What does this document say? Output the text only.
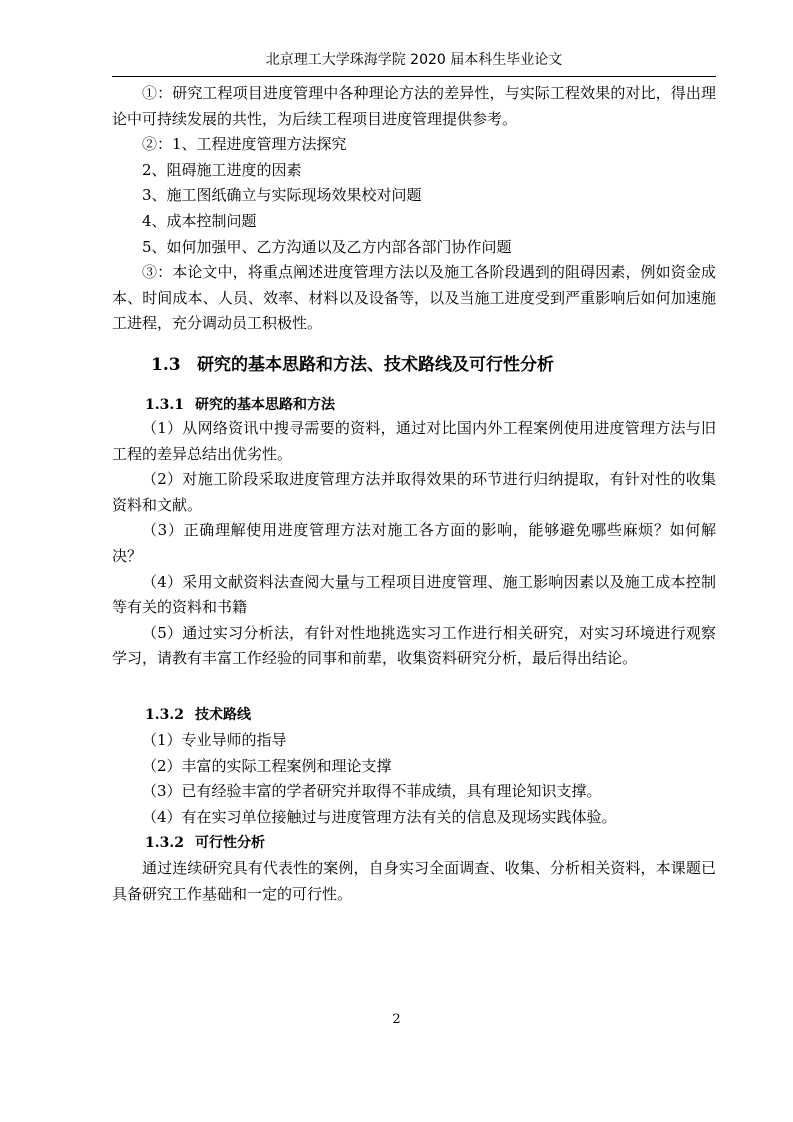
北京理工大学珠海学院 2020 届本科生毕业论文

①：研究工程项目进度管理中各种理论方法的差异性，与实际工程效果的对比，得出理论中可持续发展的共性，为后续工程项目进度管理提供参考。

②：1、工程进度管理方法探究

2、阻碍施工进度的因素

3、施工图纸确立与实际现场效果校对问题

4、成本控制问题

5、如何加强甲、乙方沟通以及乙方内部各部门协作问题

③：本论文中，将重点阐述进度管理方法以及施工各阶段遇到的阻碍因素，例如资金成本、时间成本、人员、效率、材料以及设备等，以及当施工进度受到严重影响后如何加速施工进程，充分调动员工积极性。

1.3 研究的基本思路和方法、技术路线及可行性分析
1.3.1 研究的基本思路和方法

（1）从网络资讯中搜寻需要的资料，通过对比国内外工程案例使用进度管理方法与旧工程的差异总结出优劣性。

（2）对施工阶段采取进度管理方法并取得效果的环节进行归纳提取，有针对性的收集资料和文献。

（3）正确理解使用进度管理方法对施工各方面的影响，能够避免哪些麻烦？如何解决？

（4）采用文献资料法查阅大量与工程项目进度管理、施工影响因素以及施工成本控制等有关的资料和书籍

（5）通过实习分析法，有针对性地挑选实习工作进行相关研究，对实习环境进行观察学习，请教有丰富工作经验的同事和前辈，收集资料研究分析，最后得出结论。

1.3.2 技术路线

（1）专业导师的指导

（2）丰富的实际工程案例和理论支撑

（3）已有经验丰富的学者研究并取得不菲成绩，具有理论知识支撑。

（4）有在实习单位接触过与进度管理方法有关的信息及现场实践体验。

1.3.2 可行性分析

通过连续研究具有代表性的案例，自身实习全面调查、收集、分析相关资料，本课题已具备研究工作基础和一定的可行性。

2
